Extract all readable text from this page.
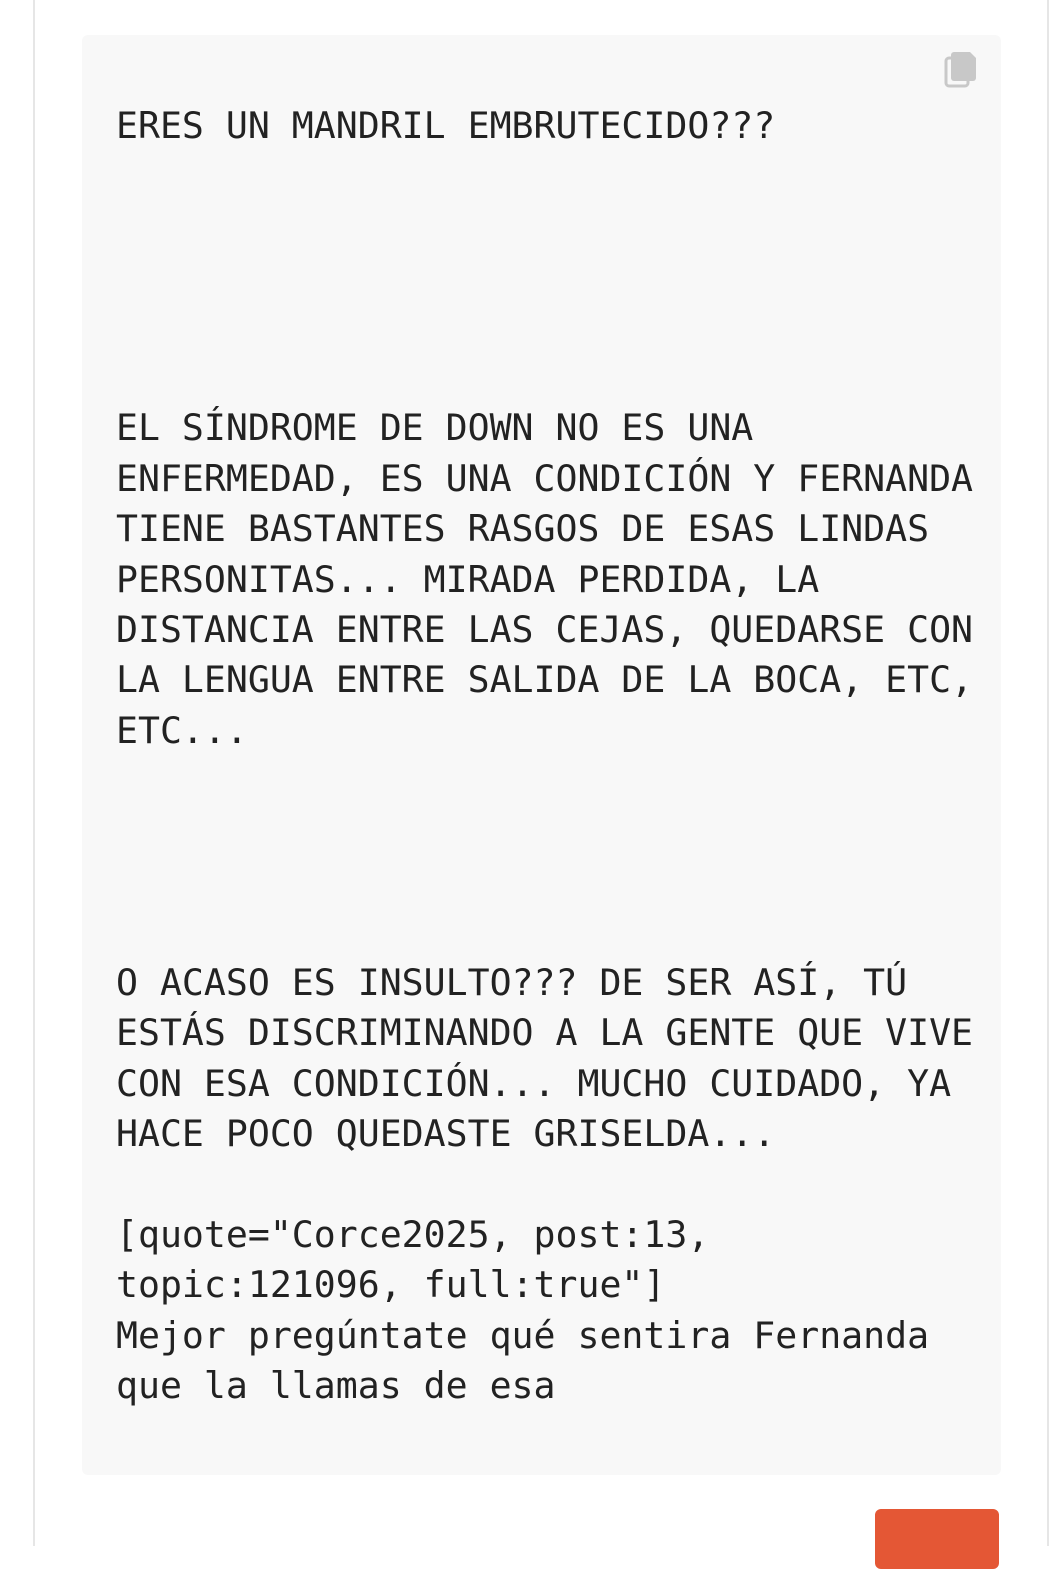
ERES UN MANDRIL EMBRUTECIDO???

EL SÍNDROME DE DOWN NO ES UNA ENFERMEDAD, ES UNA CONDICIÓN Y FERNANDA TIENE BASTANTES RASGOS DE ESAS LINDAS PERSONITAS... MIRADA PERDIDA, LA DISTANCIA ENTRE LAS CEJAS, QUEDARSE CON LA LENGUA ENTRE SALIDA DE LA BOCA, ETC, ETC...

O ACASO ES INSULTO??? DE SER ASÍ, TÚ ESTÁS DISCRIMINANDO A LA GENTE QUE VIVE CON ESA CONDICIÓN... MUCHO CUIDADO, YA  HACE POCO QUEDASTE GRISELDA...

[quote="Corce2025, post:13, topic:121096, full:true"]
Mejor pregúntate qué sentira Fernanda que la llamas de esa
